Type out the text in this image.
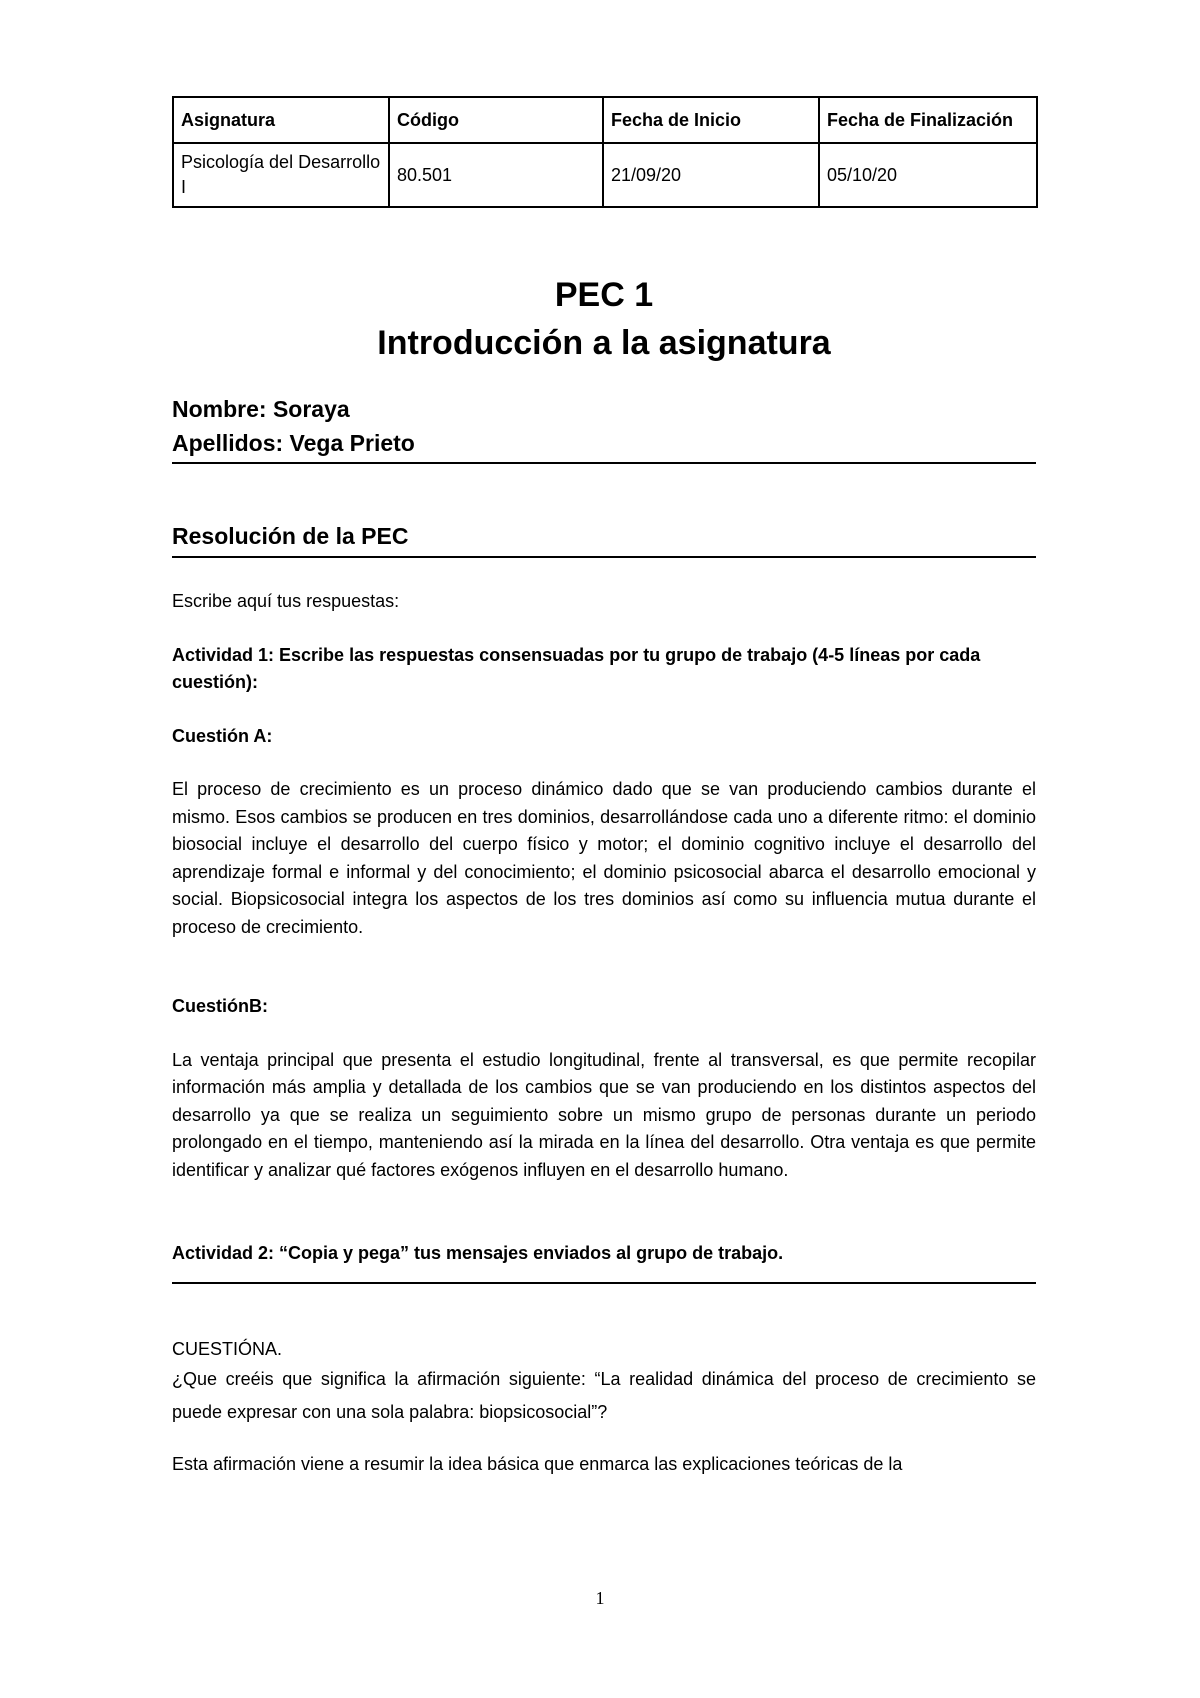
Asignatura	Código	Fecha de Inicio	Fecha de Finalización
Psicología del Desarrollo I	80.501	21/09/20	05/10/20
PEC 1
Introducción a la asignatura
Nombre: Soraya
Apellidos: Vega Prieto
Resolución de la PEC

Escribe aquí tus respuestas:

Actividad 1: Escribe las respuestas consensuadas por tu grupo de trabajo (4-5 líneas por cada cuestión):

Cuestión A:

El proceso de crecimiento es un proceso dinámico dado que se van produciendo cambios durante el mismo. Esos cambios se producen en tres dominios, desarrollándose cada uno a diferente ritmo: el dominio biosocial incluye el desarrollo del cuerpo físico y motor; el dominio cognitivo incluye el desarrollo del aprendizaje formal e informal y del conocimiento; el dominio psicosocial abarca el desarrollo emocional y social. Biopsicosocial integra los aspectos de los tres dominios así como su influencia mutua durante el proceso de crecimiento.

CuestiónB:

La ventaja principal que presenta el estudio longitudinal, frente al transversal, es que permite recopilar información más amplia y detallada de los cambios que se van produciendo en los distintos aspectos del desarrollo ya que se realiza un seguimiento sobre un mismo grupo de personas durante un periodo prolongado en el tiempo, manteniendo así la mirada en la línea del desarrollo. Otra ventaja es que permite identificar y analizar qué factores exógenos influyen en el desarrollo humano.

Actividad 2: “Copia y pega” tus mensajes enviados al grupo de trabajo.

CUESTIÓNA.

¿Que creéis que significa la afirmación siguiente: “La realidad dinámica del proceso de crecimiento se puede expresar con una sola palabra: biopsicosocial”?

Esta afirmación viene a resumir la idea básica que enmarca las explicaciones teóricas de la

1
